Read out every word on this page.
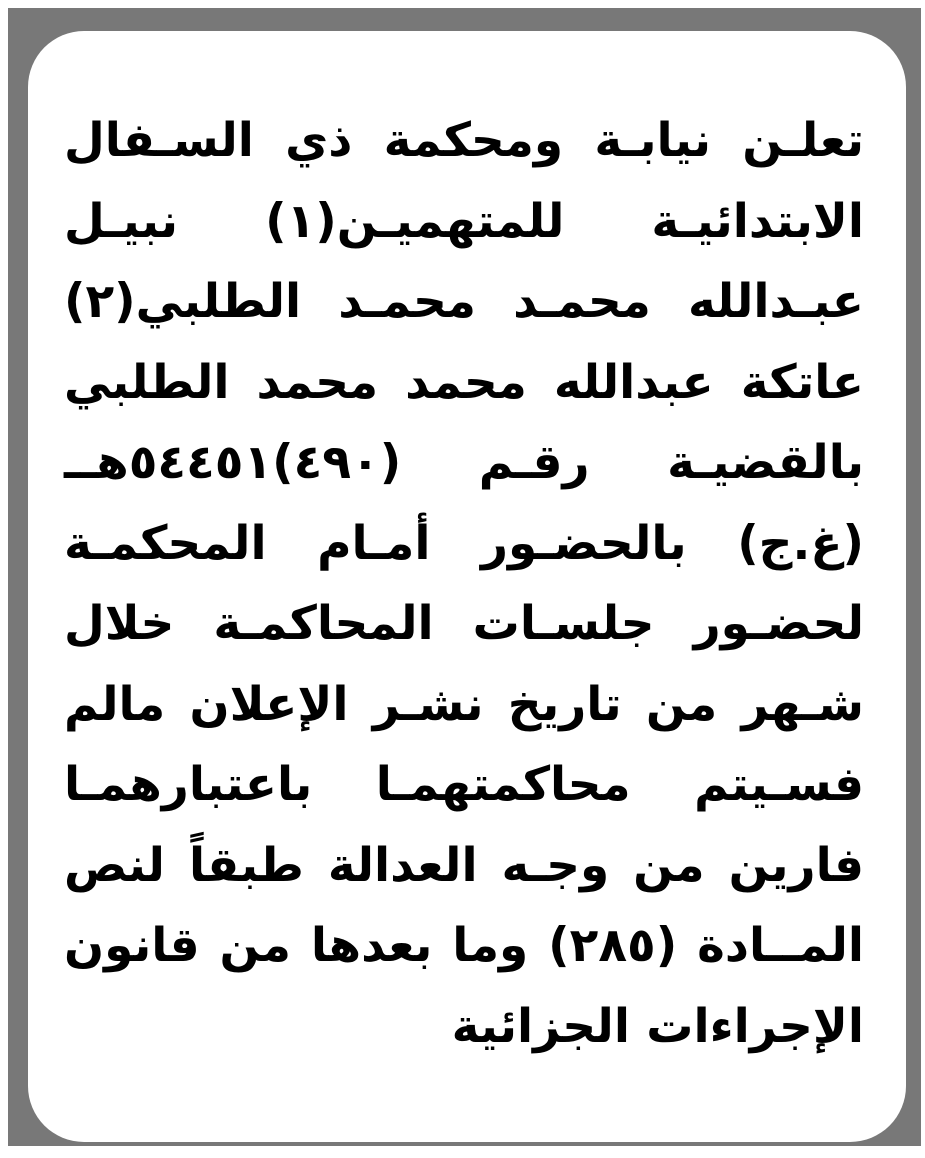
تعلـن نيابـة ومحكمة ذي السـفال
الابتدائيـة للمتهميـن(١) نبيـل
عبـدالله محمـد محمـد الطلبي(٢)
عاتكة عبدالله محمد محمد الطلبي
بالقضيـة رقـم (٤٩٠)٥٤٤٥١هــ
(غ.ج) بالحضـور أمـام المحكمـة
لحضـور جلسـات المحاكمـة خلال
شـهر من تاريخ نشـر الإعلان مالم
فسـيتم محاكمتهمـا باعتبارهمـا
فارين من وجـه العدالة طبقاً لنص
المــادة (٢٨٥) وما بعدها من قانون
الإجراءات الجزائية
